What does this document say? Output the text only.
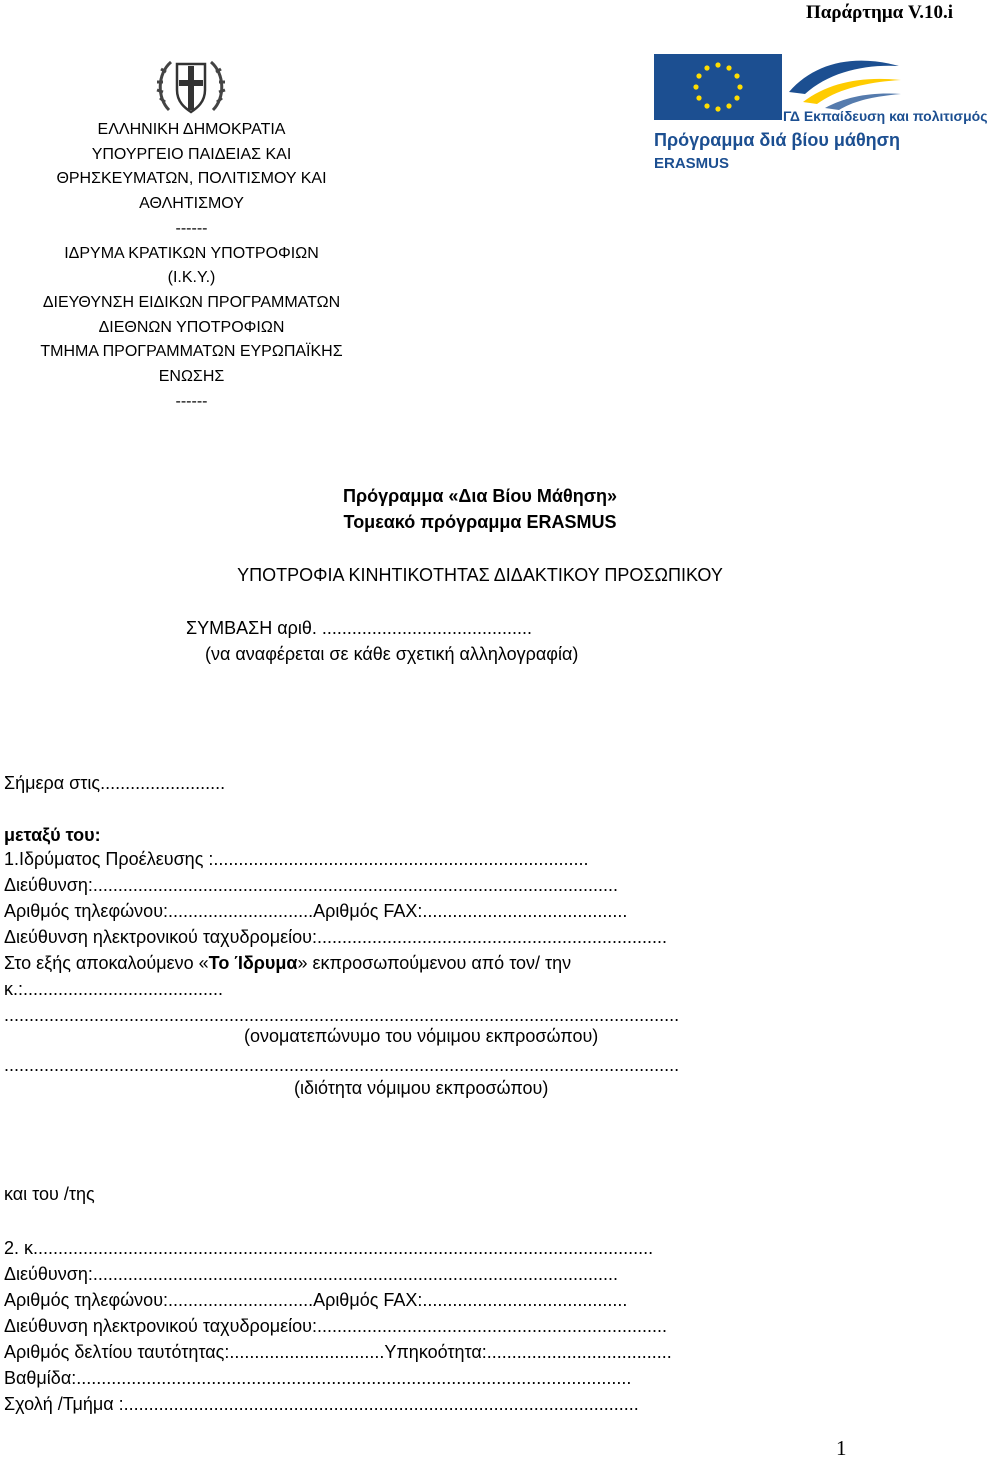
Παράρτημα V.10.i
ΕΛΛΗΝΙΚΗ ΔΗΜΟΚΡΑΤΙΑ
ΥΠΟΥΡΓΕΙΟ ΠΑΙΔΕΙΑΣ ΚΑΙ
ΘΡΗΣΚΕΥΜΑΤΩΝ, ΠΟΛΙΤΙΣΜΟΥ ΚΑΙ
ΑΘΛΗΤΙΣΜΟΥ
------
ΙΔΡΥΜΑ ΚΡΑΤΙΚΩΝ ΥΠΟΤΡΟΦΙΩΝ
(Ι.Κ.Υ.)
ΔΙΕΥΘΥΝΣΗ ΕΙΔΙΚΩΝ ΠΡΟΓΡΑΜΜΑΤΩΝ
ΔΙΕΘΝΩΝ ΥΠΟΤΡΟΦΙΩΝ
ΤΜΗΜΑ ΠΡΟΓΡΑΜΜΑΤΩΝ ΕΥΡΩΠΑΪΚΗΣ
ΕΝΩΣΗΣ
------
ΓΔ Εκπαίδευση και πολιτισμός
Πρόγραμμα διά βίου μάθηση
ERASMUS
Πρόγραμμα «Δια Βίου Μάθηση»
Τομεακό πρόγραμμα ERASMUS
ΥΠΟΤΡΟΦΙΑ ΚΙΝΗΤΙΚΟΤΗΤΑΣ ΔΙΔΑΚΤΙΚΟΥ ΠΡΟΣΩΠΙΚΟΥ
ΣΥΜΒΑΣΗ αριθ. ..........................................
(να αναφέρεται σε κάθε σχετική αλληλογραφία)
Σήμερα στις.........................
μεταξύ του:
1.Ιδρύματος Προέλευσης :...........................................................................
Διεύθυνση:.........................................................................................................
Αριθμός τηλεφώνου:.............................Αριθμός FAX:.........................................
Διεύθυνση ηλεκτρονικού ταχυδρομείου:......................................................................
Στο εξής αποκαλούμενο «Το Ίδρυμα» εκπροσωπούμενου από τον/ την
κ.:........................................
.......................................................................................................................................
(ονοματεπώνυμο του νόμιμου εκπροσώπου)
.......................................................................................................................................
(ιδιότητα νόμιμου εκπροσώπου)
και του /της
2. κ............................................................................................................................
Διεύθυνση:.........................................................................................................
Αριθμός τηλεφώνου:.............................Αριθμός FAX:.........................................
Διεύθυνση ηλεκτρονικού ταχυδρομείου:......................................................................
Αριθμός δελτίου ταυτότητας:...............................Υπηκοότητα:.....................................
Βαθμίδα:...............................................................................................................
Σχολή /Τμήμα :.......................................................................................................
1
